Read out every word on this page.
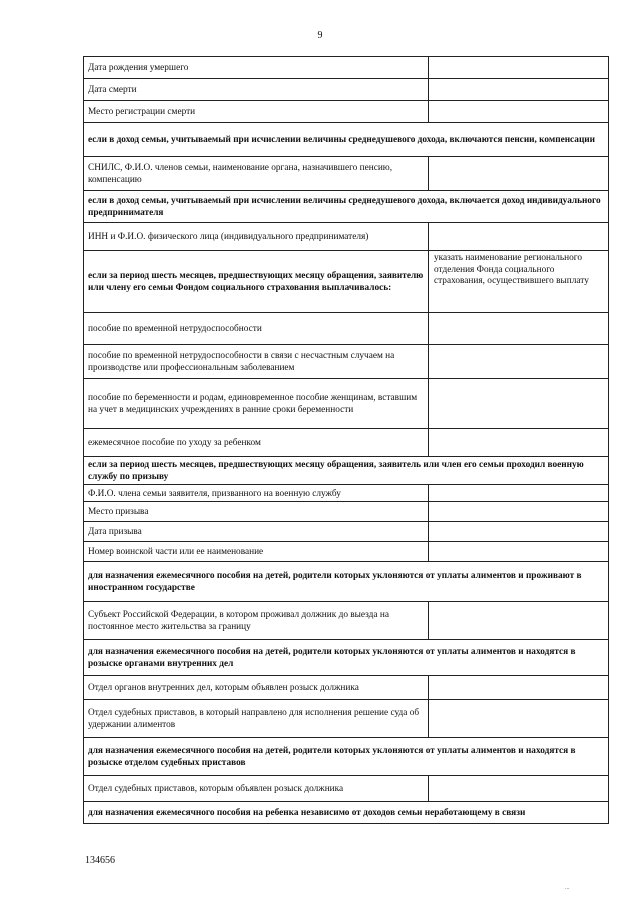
9
Дата рождения умершего	
Дата смерти	
Место регистрации смерти	
если в доход семьи, учитываемый при исчислении величины среднедушевого дохода, включаются пенсии, компенсации	
СНИЛС, Ф.И.О. членов семьи, наименование органа, назначившего пенсию, компенсацию	
если в доход семьи, учитываемый при исчислении величины среднедушевого дохода, включается доход индивидуального предпринимателя	
ИНН и Ф.И.О. физического лица (индивидуального предпринимателя)	
если за период шесть месяцев, предшествующих месяцу обращения, заявителю или члену его семьи Фондом социального страхования выплачивалось:	указать наименование регионального отделения Фонда социального страхования, осуществившего выплату
пособие по временной нетрудоспособности	
пособие по временной нетрудоспособности в связи с несчастным случаем на производстве или профессиональным заболеванием	
пособие по беременности и родам, единовременное пособие женщинам, вставшим на учет в медицинских учреждениях в ранние сроки беременности	
ежемесячное пособие по уходу за ребенком	
если за период шесть месяцев, предшествующих месяцу обращения, заявитель или член его семьи проходил военную службу по призыву	
Ф.И.О. члена семьи заявителя, призванного на военную службу	
Место призыва	
Дата призыва	
Номер воинской части или ее наименование	
для назначения ежемесячного пособия на детей, родители которых уклоняются от уплаты алиментов и проживают в иностранном государстве	
Субъект Российской Федерации, в котором проживал должник до выезда на постоянное место жительства за границу	
для назначения ежемесячного пособия на детей, родители которых уклоняются от уплаты алиментов и находятся в розыске органами внутренних дел	
Отдел органов внутренних дел, которым объявлен розыск должника	
Отдел судебных приставов, в который направлено для исполнения решение суда об удержании алиментов	
для назначения ежемесячного пособия на детей, родители которых уклоняются от уплаты алиментов и находятся в розыске отделом судебных приставов	
Отдел судебных приставов, которым объявлен розыск должника	
для назначения ежемесячного пособия на ребенка независимо от доходов семьи неработающему в связи	
134656
...
